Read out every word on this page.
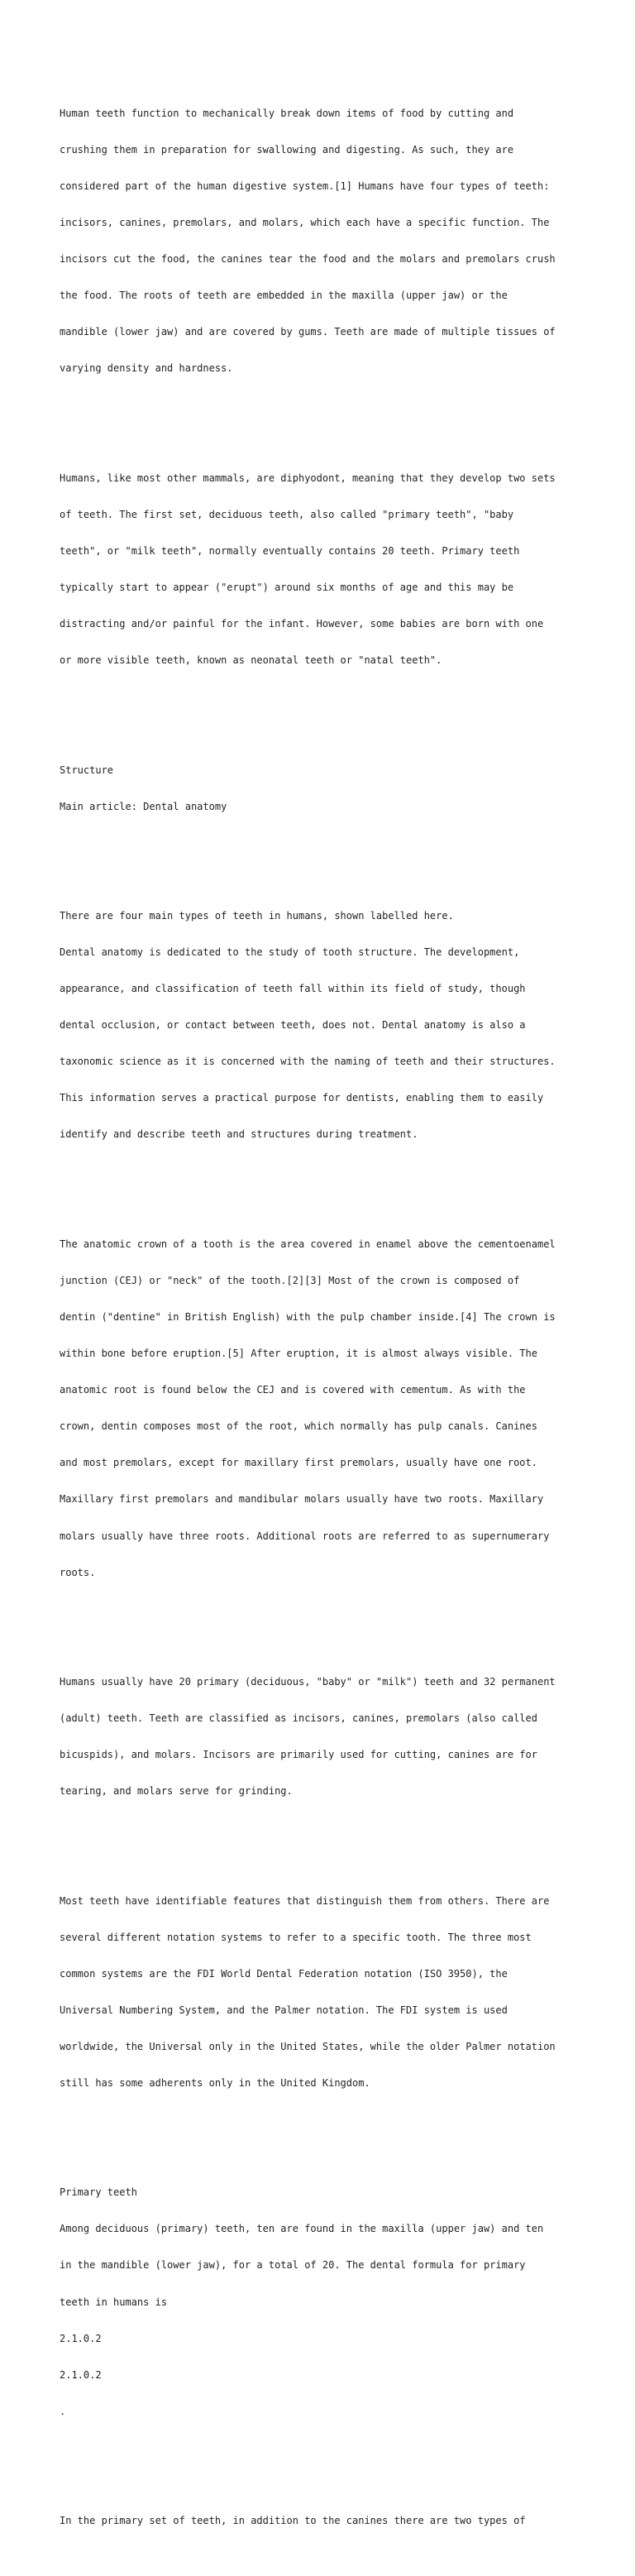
Human teeth function to mechanically break down items of food by cutting and

crushing them in preparation for swallowing and digesting. As such, they are

considered part of the human digestive system.[1] Humans have four types of teeth:

incisors, canines, premolars, and molars, which each have a specific function. The

incisors cut the food, the canines tear the food and the molars and premolars crush

the food. The roots of teeth are embedded in the maxilla (upper jaw) or the

mandible (lower jaw) and are covered by gums. Teeth are made of multiple tissues of

varying density and hardness.

Humans, like most other mammals, are diphyodont, meaning that they develop two sets

of teeth. The first set, deciduous teeth, also called "primary teeth", "baby

teeth", or "milk teeth", normally eventually contains 20 teeth. Primary teeth

typically start to appear ("erupt") around six months of age and this may be

distracting and/or painful for the infant. However, some babies are born with one

or more visible teeth, known as neonatal teeth or "natal teeth".

Structure

Main article: Dental anatomy

There are four main types of teeth in humans, shown labelled here.

Dental anatomy is dedicated to the study of tooth structure. The development,

appearance, and classification of teeth fall within its field of study, though

dental occlusion, or contact between teeth, does not. Dental anatomy is also a

taxonomic science as it is concerned with the naming of teeth and their structures.

This information serves a practical purpose for dentists, enabling them to easily

identify and describe teeth and structures during treatment.

The anatomic crown of a tooth is the area covered in enamel above the cementoenamel

junction (CEJ) or "neck" of the tooth.[2][3] Most of the crown is composed of

dentin ("dentine" in British English) with the pulp chamber inside.[4] The crown is

within bone before eruption.[5] After eruption, it is almost always visible. The

anatomic root is found below the CEJ and is covered with cementum. As with the

crown, dentin composes most of the root, which normally has pulp canals. Canines

and most premolars, except for maxillary first premolars, usually have one root.

Maxillary first premolars and mandibular molars usually have two roots. Maxillary

molars usually have three roots. Additional roots are referred to as supernumerary

roots.

Humans usually have 20 primary (deciduous, "baby" or "milk") teeth and 32 permanent

(adult) teeth. Teeth are classified as incisors, canines, premolars (also called

bicuspids), and molars. Incisors are primarily used for cutting, canines are for

tearing, and molars serve for grinding.

Most teeth have identifiable features that distinguish them from others. There are

several different notation systems to refer to a specific tooth. The three most

common systems are the FDI World Dental Federation notation (ISO 3950), the

Universal Numbering System, and the Palmer notation. The FDI system is used

worldwide, the Universal only in the United States, while the older Palmer notation

still has some adherents only in the United Kingdom.

Primary teeth

Among deciduous (primary) teeth, ten are found in the maxilla (upper jaw) and ten

in the mandible (lower jaw), for a total of 20. The dental formula for primary

teeth in humans is

2.1.0.2

2.1.0.2

.

In the primary set of teeth, in addition to the canines there are two types of
